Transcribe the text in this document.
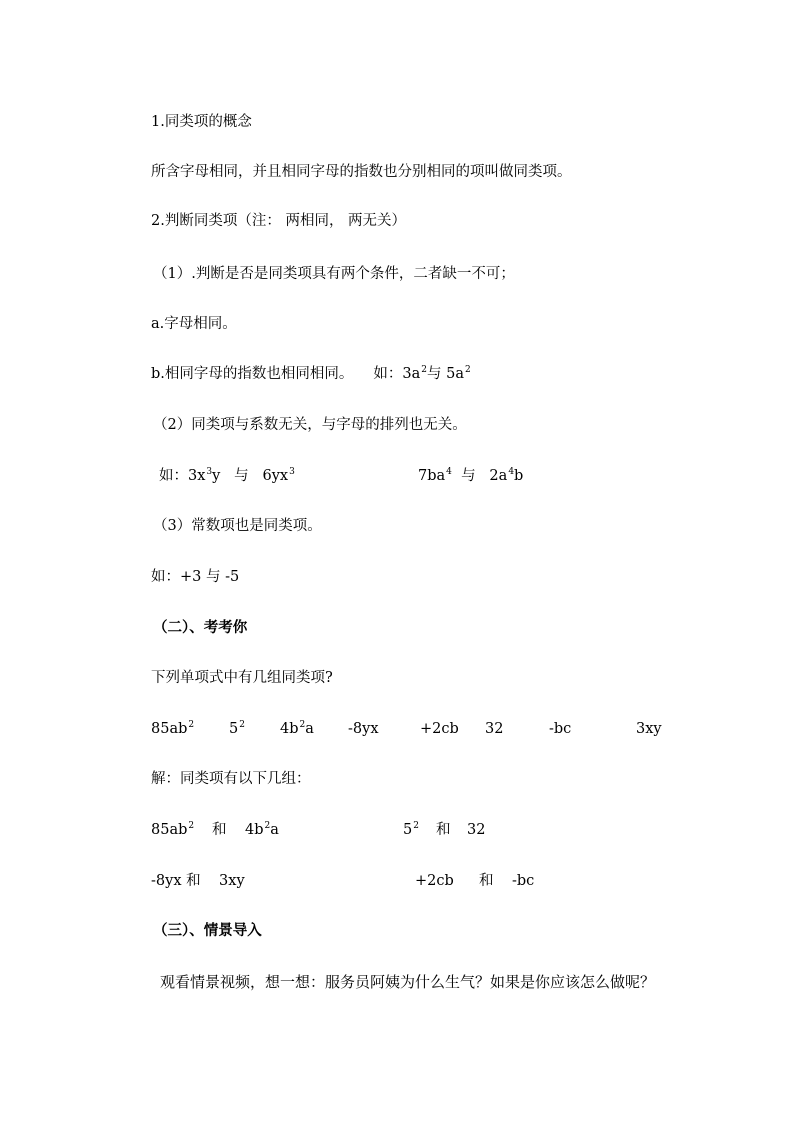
1.同类项的概念
所含字母相同，并且相同字母的指数也分别相同的项叫做同类项。
2.判断同类项（注： 两相同， 两无关）
（1）.判断是否是同类项具有两个条件，二者缺一不可；
a.字母相同。
b.相同字母的指数也相同相同。 如：$3a^2$与 $5a^2$
（2）同类项与系数无关，与字母的排列也无关。
如：$3x^3y$   与   $6yx^3$	$7ba^4$  与   $2a^4b$
（3）常数项也是同类项。
如：+3 与 -5
（二）、考考你
下列单项式中有几组同类项?
$85ab^2$ $5^2$ $4b^2a$ -8yx	+2cb 32	-bc	3xy
解：同类项有以下几组：
$85ab^2$ 和 $4b^2a$	$5^2$ 和 32
-8yx 和    3xy	+2cb 和 -bc
（三）、情景导入
观看情景视频，想一想：服务员阿姨为什么生气？如果是你应该怎么做呢？
